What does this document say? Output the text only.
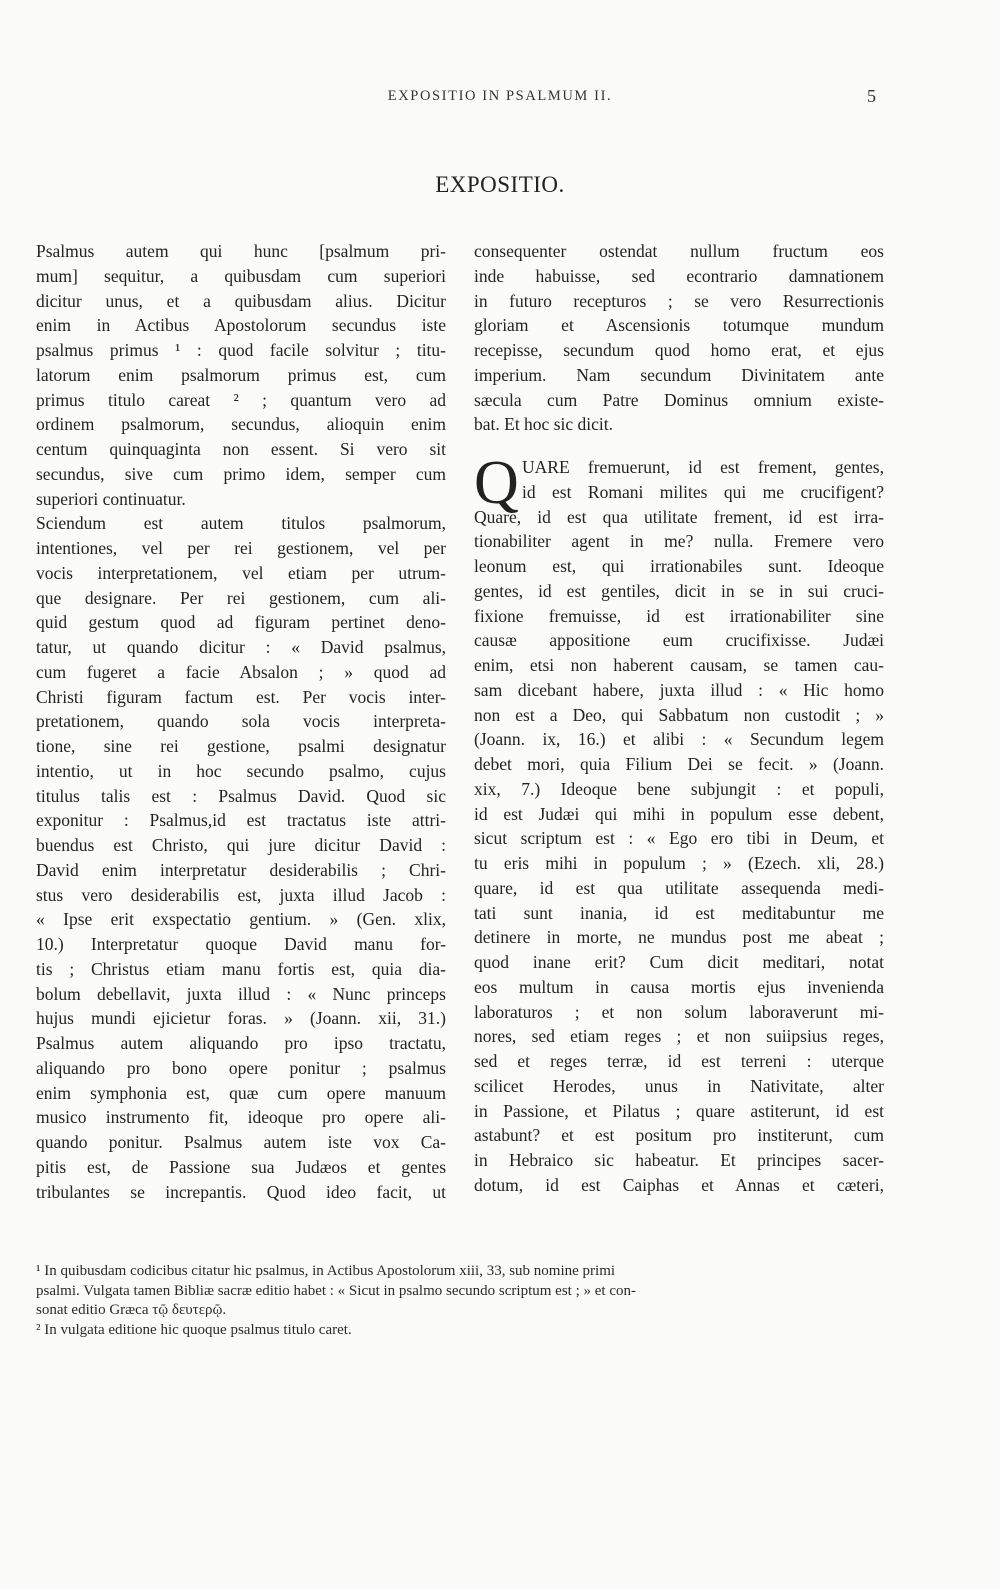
EXPOSITIO IN PSALMUM II.	5
EXPOSITIO.
Psalmus autem qui hunc [psalmum pri-
mum] sequitur, a quibusdam cum superiori
dicitur unus, et a quibusdam alius. Dicitur
enim in Actibus Apostolorum secundus iste
psalmus primus ¹ : quod facile solvitur ; titu-
latorum enim psalmorum primus est, cum
primus titulo careat ² ; quantum vero ad
ordinem psalmorum, secundus, alioquin enim
centum quinquaginta non essent. Si vero sit
secundus, sive cum primo idem, semper cum
superiori continuatur.
Sciendum est autem titulos psalmorum,
intentiones, vel per rei gestionem, vel per
vocis interpretationem, vel etiam per utrum-
que designare. Per rei gestionem, cum ali-
quid gestum quod ad figuram pertinet deno-
tatur, ut quando dicitur : « David psalmus,
cum fugeret a facie Absalon ; » quod ad
Christi figuram factum est. Per vocis inter-
pretationem, quando sola vocis interpreta-
tione, sine rei gestione, psalmi designatur
intentio, ut in hoc secundo psalmo, cujus
titulus talis est : Psalmus David. Quod sic
exponitur : Psalmus,id est tractatus iste attri-
buendus est Christo, qui jure dicitur David :
David enim interpretatur desiderabilis ; Chri-
stus vero desiderabilis est, juxta illud Jacob :
« Ipse erit exspectatio gentium. » (Gen. xlix,
10.) Interpretatur quoque David manu for-
tis ; Christus etiam manu fortis est, quia dia-
bolum debellavit, juxta illud : « Nunc princeps
hujus mundi ejicietur foras. » (Joann. xii, 31.)
Psalmus autem aliquando pro ipso tractatu,
aliquando pro bono opere ponitur ; psalmus
enim symphonia est, quæ cum opere manuum
musico instrumento fit, ideoque pro opere ali-
quando ponitur. Psalmus autem iste vox Ca-
pitis est, de Passione sua Judæos et gentes
tribulantes se increpantis. Quod ideo facit, ut
consequenter ostendat nullum fructum eos
inde habuisse, sed econtrario damnationem
in futuro recepturos ; se vero Resurrectionis
gloriam et Ascensionis totumque mundum
recepisse, secundum quod homo erat, et ejus
imperium. Nam secundum Divinitatem ante
sæcula cum Patre Dominus omnium existe-
bat. Et hoc sic dicit.
Q UARE fremuerunt, id est frement, gentes,
id est Romani milites qui me crucifigent?
Quare, id est qua utilitate frement, id est irra-
tionabiliter agent in me? nulla. Fremere vero
leonum est, qui irrationabiles sunt. Ideoque
gentes, id est gentiles, dicit in se in sui cruci-
fixione fremuisse, id est irrationabiliter sine
causæ appositione eum crucifixisse. Judæi
enim, etsi non haberent causam, se tamen cau-
sam dicebant habere, juxta illud : « Hic homo
non est a Deo, qui Sabbatum non custodit ; »
(Joann. ix, 16.) et alibi : « Secundum legem
debet mori, quia Filium Dei se fecit. » (Joann.
xix, 7.) Ideoque bene subjungit : et populi,
id est Judæi qui mihi in populum esse debent,
sicut scriptum est : « Ego ero tibi in Deum, et
tu eris mihi in populum ; » (Ezech. xli, 28.)
quare, id est qua utilitate assequenda medi-
tati sunt inania, id est meditabuntur me
detinere in morte, ne mundus post me abeat ;
quod inane erit? Cum dicit meditari, notat
eos multum in causa mortis ejus invenienda
laboraturos ; et non solum laboraverunt mi-
nores, sed etiam reges ; et non suiipsius reges,
sed et reges terræ, id est terreni : uterque
scilicet Herodes, unus in Nativitate, alter
in Passione, et Pilatus ; quare astiterunt, id est
astabunt? et est positum pro institerunt, cum
in Hebraico sic habeatur. Et principes sacer-
dotum, id est Caiphas et Annas et cæteri,
¹ In quibusdam codicibus citatur hic psalmus, in Actibus Apostolorum xiii, 33, sub nomine primi
psalmi. Vulgata tamen Bibliæ sacræ editio habet : « Sicut in psalmo secundo scriptum est ; » et con-
sonat editio Græca τῷ δευτερῷ.
² In vulgata editione hic quoque psalmus titulo caret.
